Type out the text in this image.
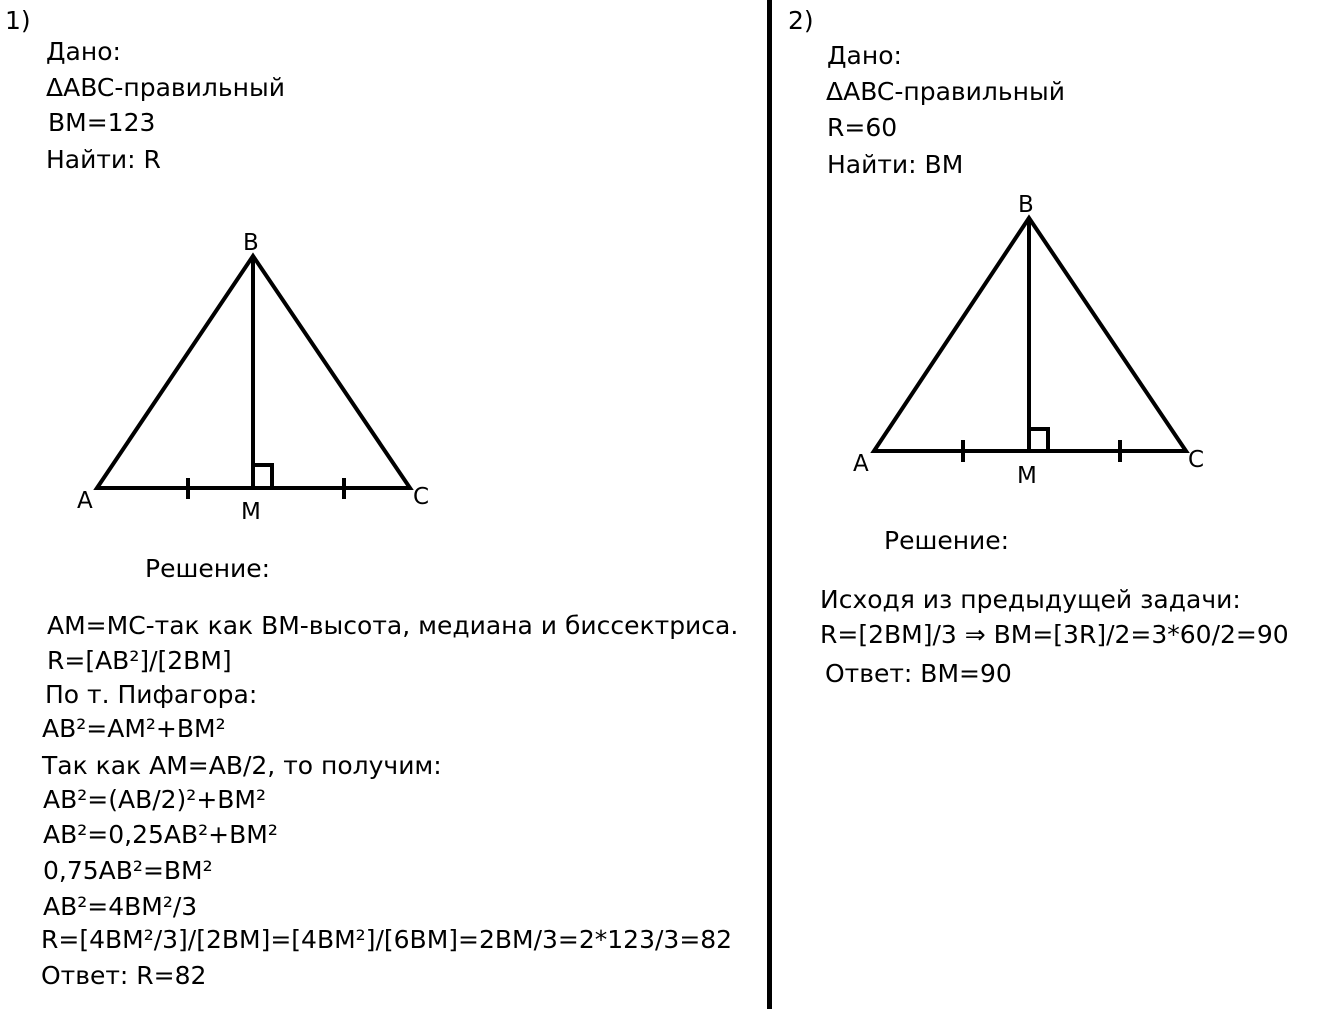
1)
Дано:
ΔABC-правильный
BM=123
Найти: R
Решение:
AM=MC-так как BM-высота, медиана и биссектриса.
R=[AB²]/[2BM]
По т. Пифагора:
AB²=AM²+BM²
Так как AM=AB/2, то получим:
AB²=(AB/2)²+BM²
AB²=0,25AB²+BM²
0,75AB²=BM²
AB²=4BM²/3
R=[4BM²/3]/[2BM]=[4BM²]/[6BM]=2BM/3=2*123/3=82
Ответ: R=82
2)
Дано:
ΔABC-правильный
R=60
Найти: BM
Решение:
Исходя из предыдущей задачи:
R=[2BM]/3 ⇒ BM=[3R]/2=3*60/2=90
Ответ: BM=90
B
A	C
M
B
A	C
M
